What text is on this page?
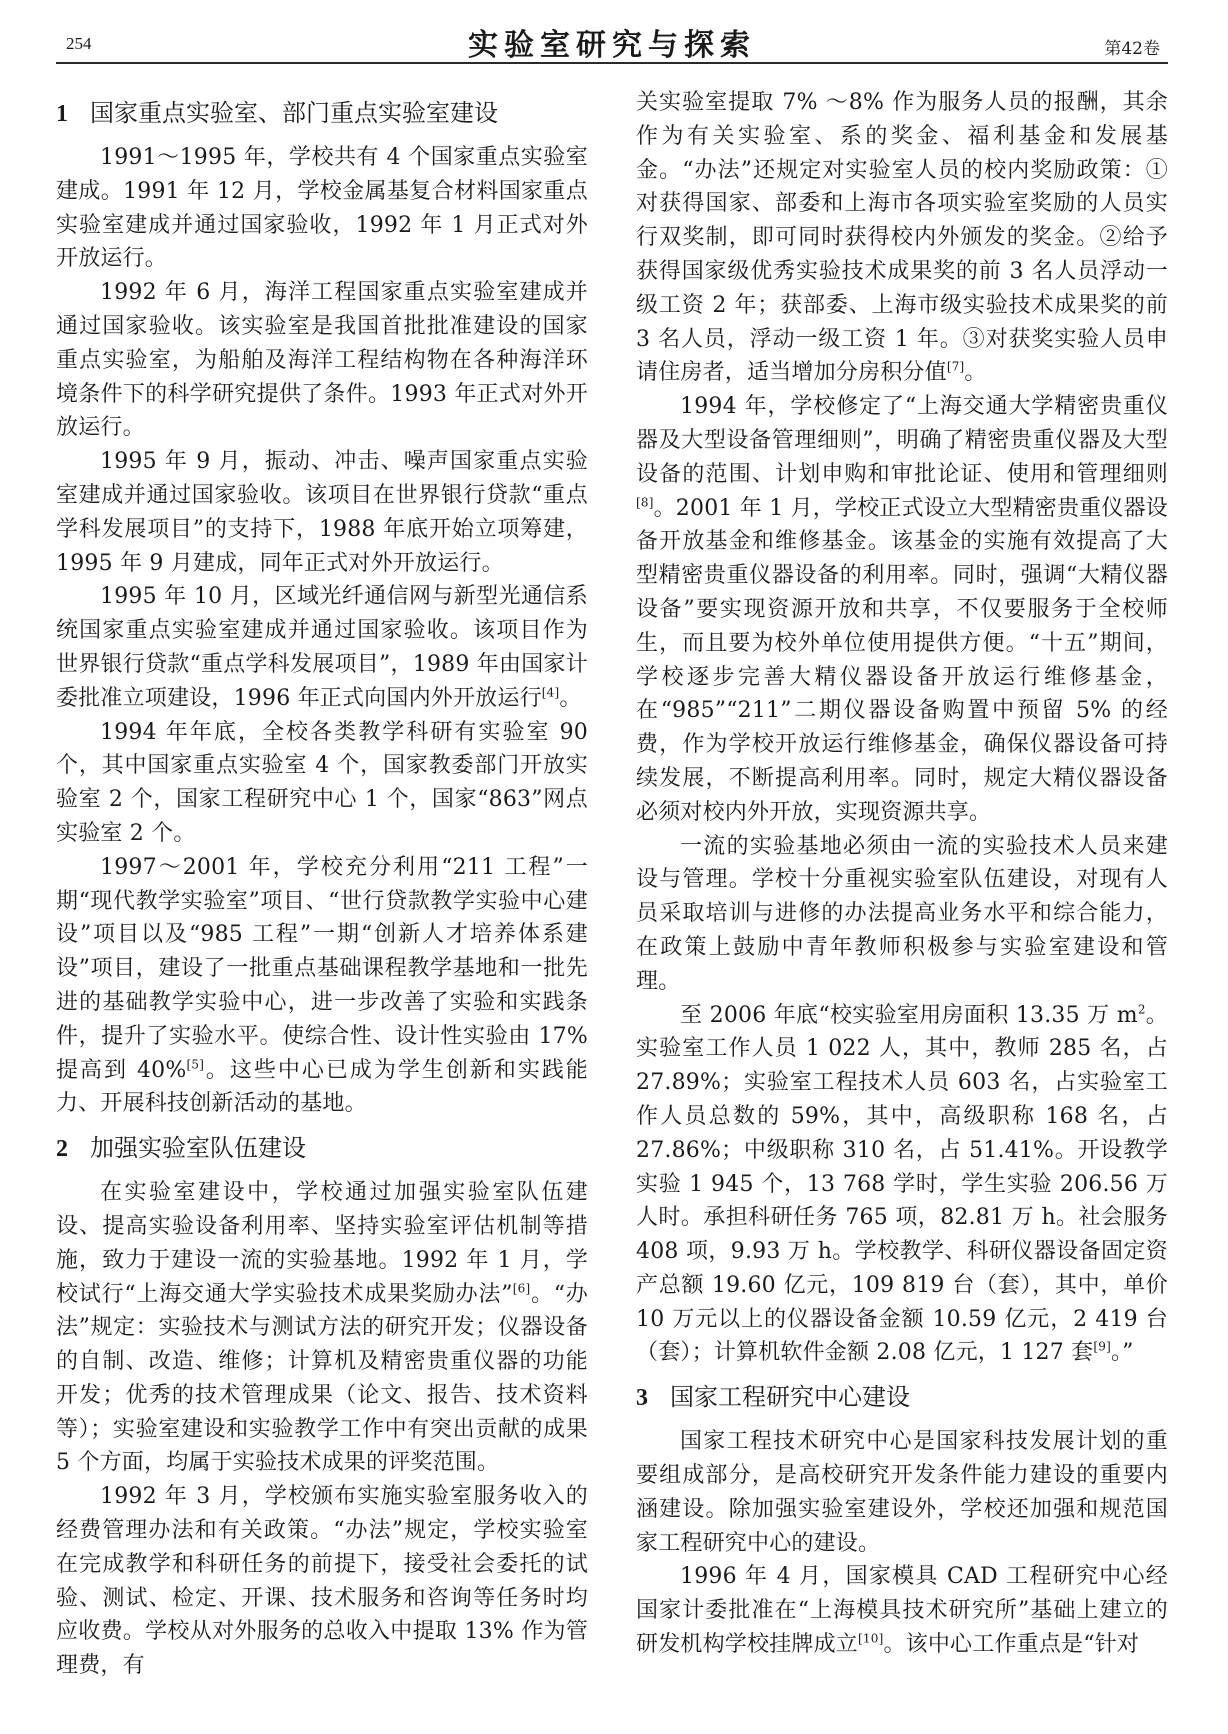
254	实验室研究与探索	第42卷
1 国家重点实验室、部门重点实验室建设

1991～1995 年，学校共有 4 个国家重点实验室建成。1991 年 12 月，学校金属基复合材料国家重点实验室建成并通过国家验收，1992 年 1 月正式对外开放运行。

1992 年 6 月，海洋工程国家重点实验室建成并通过国家验收。该实验室是我国首批批准建设的国家重点实验室，为船舶及海洋工程结构物在各种海洋环境条件下的科学研究提供了条件。1993 年正式对外开放运行。

1995 年 9 月，振动、冲击、噪声国家重点实验室建成并通过国家验收。该项目在世界银行贷款“重点学科发展项目”的支持下，1988 年底开始立项筹建，1995 年 9 月建成，同年正式对外开放运行。

1995 年 10 月，区域光纤通信网与新型光通信系统国家重点实验室建成并通过国家验收。该项目作为世界银行贷款“重点学科发展项目”，1989 年由国家计委批准立项建设，1996 年正式向国内外开放运行[4]。

1994 年年底，全校各类教学科研有实验室 90 个，其中国家重点实验室 4 个，国家教委部门开放实验室 2 个，国家工程研究中心 1 个，国家“863”网点实验室 2 个。

1997～2001 年，学校充分利用“211 工程”一期“现代教学实验室”项目、“世行贷款教学实验中心建设”项目以及“985 工程”一期“创新人才培养体系建设”项目，建设了一批重点基础课程教学基地和一批先进的基础教学实验中心，进一步改善了实验和实践条件，提升了实验水平。使综合性、设计性实验由 17% 提高到 40%[5]。这些中心已成为学生创新和实践能力、开展科技创新活动的基地。

2 加强实验室队伍建设

在实验室建设中，学校通过加强实验室队伍建设、提高实验设备利用率、坚持实验室评估机制等措施，致力于建设一流的实验基地。1992 年 1 月，学校试行“上海交通大学实验技术成果奖励办法”[6]。“办法”规定：实验技术与测试方法的研究开发；仪器设备的自制、改造、维修；计算机及精密贵重仪器的功能开发；优秀的技术管理成果（论文、报告、技术资料等）；实验室建设和实验教学工作中有突出贡献的成果 5 个方面，均属于实验技术成果的评奖范围。

1992 年 3 月，学校颁布实施实验室服务收入的经费管理办法和有关政策。“办法”规定，学校实验室在完成教学和科研任务的前提下，接受社会委托的试验、测试、检定、开课、技术服务和咨询等任务时均应收费。学校从对外服务的总收入中提取 13% 作为管理费，有

关实验室提取 7% ～8% 作为服务人员的报酬，其余作为有关实验室、系的奖金、福利基金和发展基金。“办法”还规定对实验室人员的校内奖励政策：①对获得国家、部委和上海市各项实验室奖励的人员实行双奖制，即可同时获得校内外颁发的奖金。②给予获得国家级优秀实验技术成果奖的前 3 名人员浮动一级工资 2 年；获部委、上海市级实验技术成果奖的前 3 名人员，浮动一级工资 1 年。③对获奖实验人员申请住房者，适当增加分房积分值[7]。

1994 年，学校修定了“上海交通大学精密贵重仪器及大型设备管理细则”，明确了精密贵重仪器及大型设备的范围、计划申购和审批论证、使用和管理细则[8]。2001 年 1 月，学校正式设立大型精密贵重仪器设备开放基金和维修基金。该基金的实施有效提高了大型精密贵重仪器设备的利用率。同时，强调“大精仪器设备”要实现资源开放和共享，不仅要服务于全校师生，而且要为校外单位使用提供方便。“十五”期间，学校逐步完善大精仪器设备开放运行维修基金，在“985”“211”二期仪器设备购置中预留 5% 的经费，作为学校开放运行维修基金，确保仪器设备可持续发展，不断提高利用率。同时，规定大精仪器设备必须对校内外开放，实现资源共享。

一流的实验基地必须由一流的实验技术人员来建设与管理。学校十分重视实验室队伍建设，对现有人员采取培训与进修的办法提高业务水平和综合能力，在政策上鼓励中青年教师积极参与实验室建设和管理。

至 2006 年底“校实验室用房面积 13.35 万 m$^2$。实验室工作人员 1 022 人，其中，教师 285 名，占 27.89%；实验室工程技术人员 603 名，占实验室工作人员总数的 59%，其中，高级职称 168 名，占 27.86%；中级职称 310 名，占 51.41%。开设教学实验 1 945 个，13 768 学时，学生实验 206.56 万人时。承担科研任务 765 项，82.81 万 h。社会服务 408 项，9.93 万 h。学校教学、科研仪器设备固定资产总额 19.60 亿元，109 819 台（套），其中，单价 10 万元以上的仪器设备金额 10.59 亿元，2 419 台（套）；计算机软件金额 2.08 亿元，1 127 套[9]。”

3 国家工程研究中心建设

国家工程技术研究中心是国家科技发展计划的重要组成部分，是高校研究开发条件能力建设的重要内涵建设。除加强实验室建设外，学校还加强和规范国家工程研究中心的建设。

1996 年 4 月，国家模具 CAD 工程研究中心经国家计委批准在“上海模具技术研究所”基础上建立的研发机构学校挂牌成立[10]。该中心工作重点是“针对
